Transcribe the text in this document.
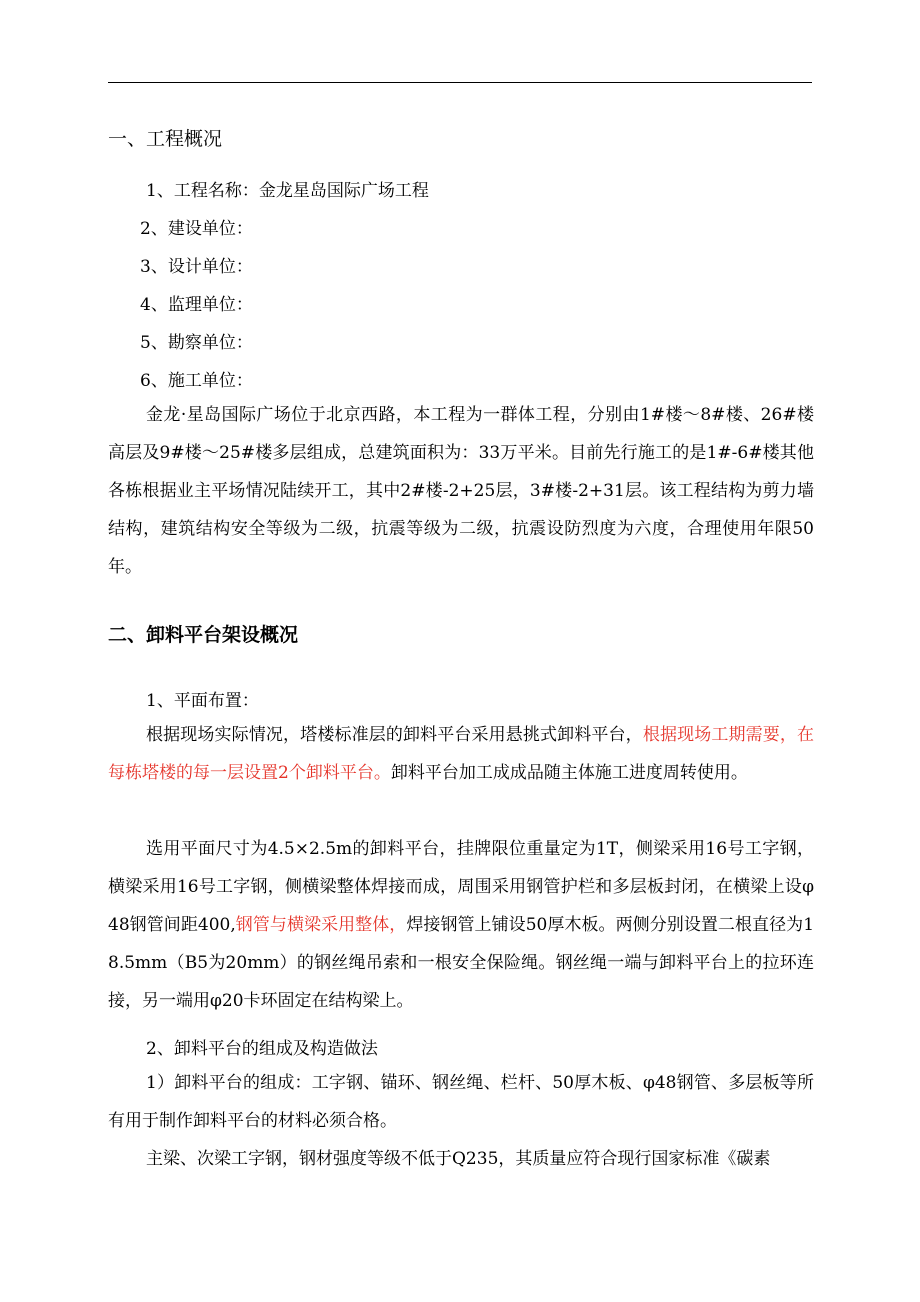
一、工程概况
1、工程名称：金龙星岛国际广场工程
2、建设单位：
3、设计单位：
4、监理单位：
5、勘察单位：
6、施工单位：

金龙·星岛国际广场位于北京西路，本工程为一群体工程，分别由1#楼～8#楼、26#楼高层及9#楼～25#楼多层组成，总建筑面积为：33万平米。目前先行施工的是1#-6#楼其他各栋根据业主平场情况陆续开工，其中2#楼-2+25层，3#楼-2+31层。该工程结构为剪力墙结构，建筑结构安全等级为二级，抗震等级为二级，抗震设防烈度为六度，合理使用年限50年。

二、卸料平台架设概况
1、平面布置：

根据现场实际情况，塔楼标准层的卸料平台采用悬挑式卸料平台，根据现场工期需要，在每栋塔楼的每一层设置2个卸料平台。卸料平台加工成成品随主体施工进度周转使用。

选用平面尺寸为4.5×2.5m的卸料平台，挂牌限位重量定为1T，侧梁采用16号工字钢，横梁采用16号工字钢，侧横梁整体焊接而成，周围采用钢管护栏和多层板封闭，在横梁上设φ48钢管间距400,钢管与横梁采用整体，焊接钢管上铺设50厚木板。两侧分别设置二根直径为18.5mm（B5为20mm）的钢丝绳吊索和一根安全保险绳。钢丝绳一端与卸料平台上的拉环连接，另一端用φ20卡环固定在结构梁上。

2、卸料平台的组成及构造做法

1）卸料平台的组成：工字钢、锚环、钢丝绳、栏杆、50厚木板、φ48钢管、多层板等所有用于制作卸料平台的材料必须合格。

主梁、次梁工字钢，钢材强度等级不低于Q235，其质量应符合现行国家标准《碳素
